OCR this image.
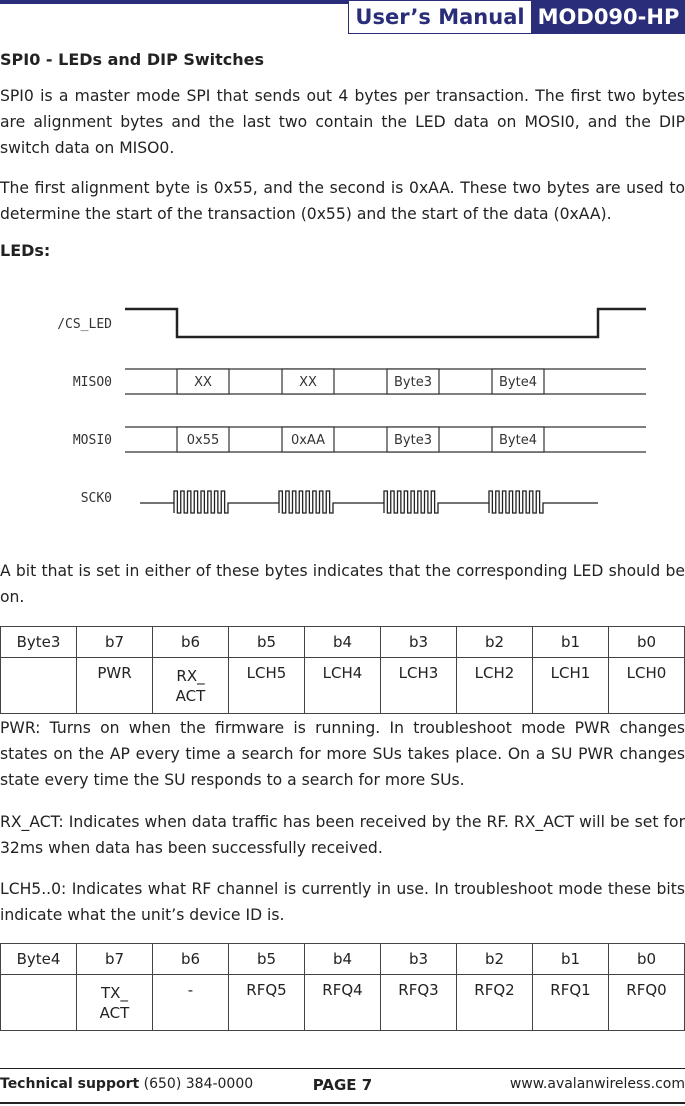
User’s Manual MOD090-HP
SPI0 - LEDs and DIP Switches

SPI0 is a master mode SPI that sends out 4 bytes per transaction. The first two bytes are alignment bytes and the last two contain the LED data on MOSI0, and the DIP switch data on MISO0.

The first alignment byte is 0x55, and the second is 0xAA. These two bytes are used to determine the start of the transaction (0x55) and the start of the data (0xAA).

LEDs:
/CS_LED
MISO0
MOSI0
SCK0
XX	XX	Byte3	Byte4
0x55	0xAA	Byte3	Byte4

A bit that is set in either of these bytes indicates that the corresponding LED should be on.

Byte3	b7	b6	b5	b4	b3	b2	b1	b0
	PWR	RX_
ACT	LCH5	LCH4	LCH3	LCH2	LCH1	LCH0

PWR: Turns on when the firmware is running. In troubleshoot mode PWR changes states on the AP every time a search for more SUs takes place. On a SU PWR changes state every time the SU responds to a search for more SUs.

RX_ACT: Indicates when data traffic has been received by the RF. RX_ACT will be set for 32ms when data has been successfully received.

LCH5..0: Indicates what RF channel is currently in use. In troubleshoot mode these bits indicate what the unit’s device ID is.

Byte4	b7	b6	b5	b4	b3	b2	b1	b0
	TX_
ACT	-	RFQ5	RFQ4	RFQ3	RFQ2	RFQ1	RFQ0
Technical support (650) 384-0000	PAGE 7	www.avalanwireless.com
